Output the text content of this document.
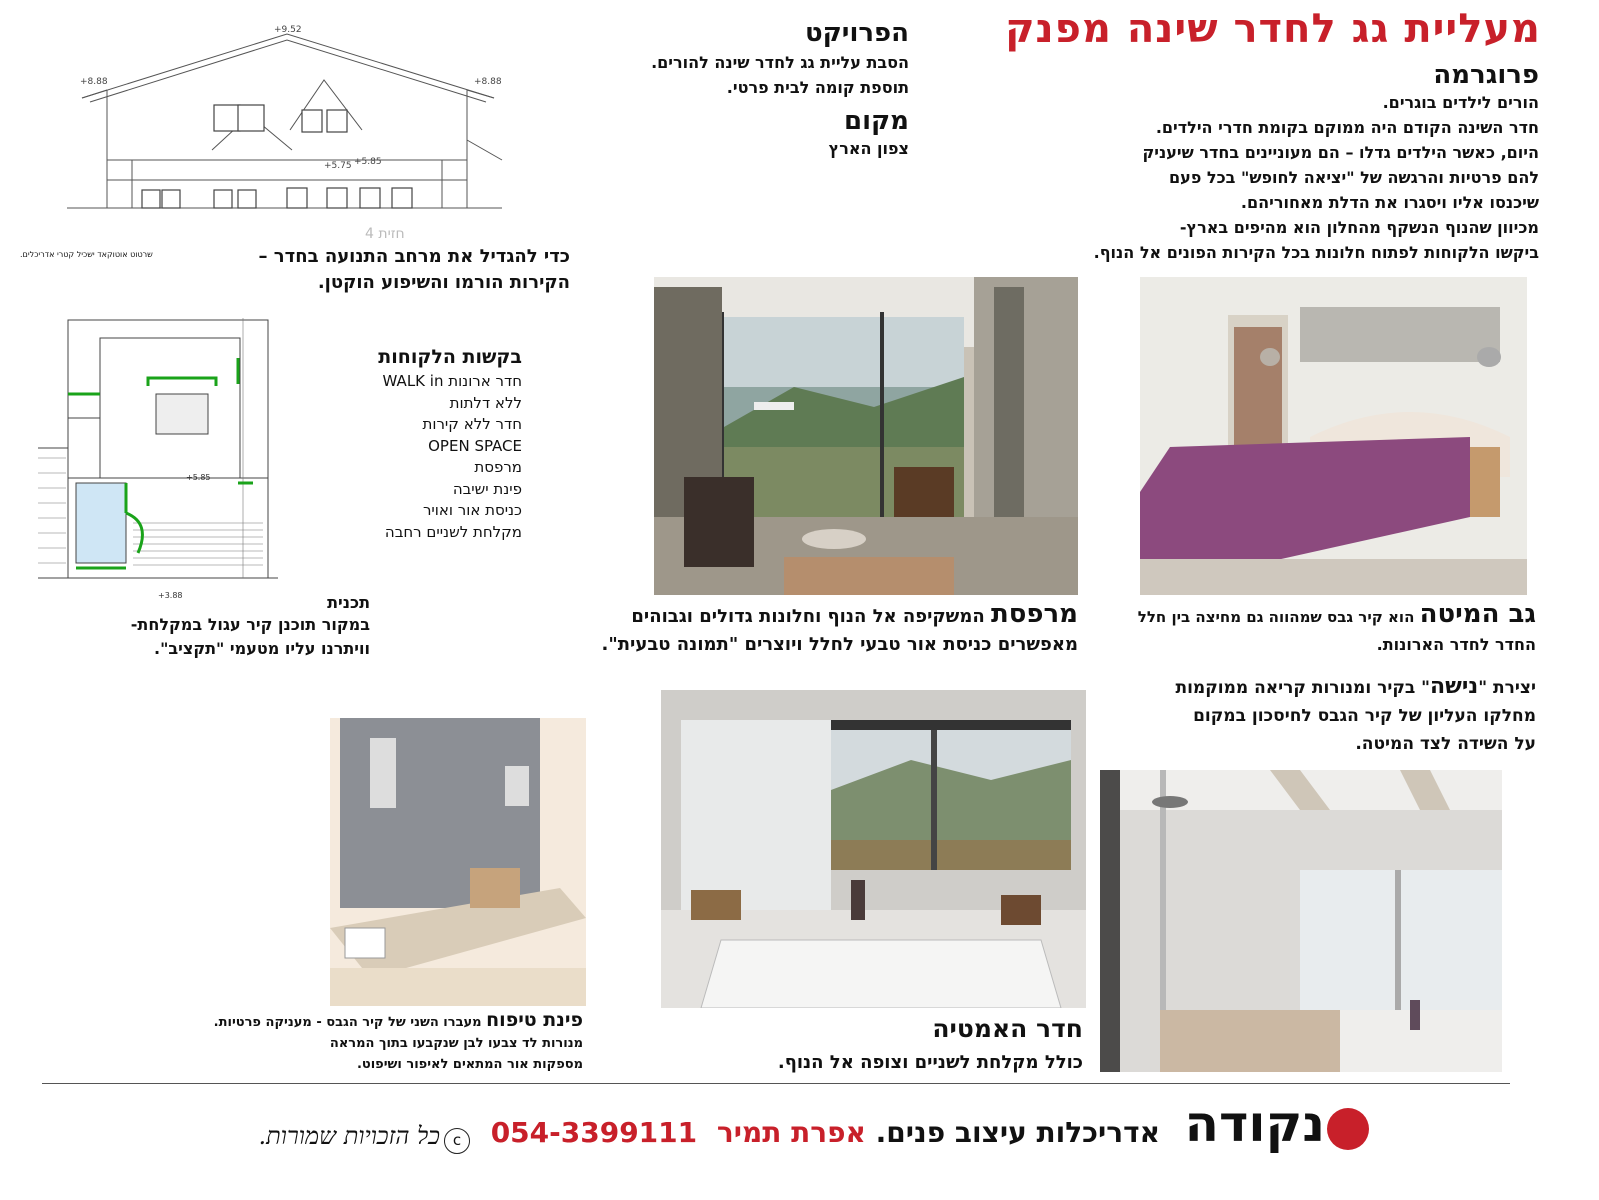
מעליית גג לחדר שינה מפנק
פרוגרמה
הורים לילדים בוגרים.
חדר השינה הקודם היה ממוקם בקומת חדרי הילדים.
היום, כאשר הילדים גדלו – הם מעוניינים בחדר שיעניק
להם פרטיות והרגשה של "יציאה לחופש" בכל פעם
שיכנסו אליו ויסגרו את הדלת מאחוריהם.
מכיוון שהנוף הנשקף מהחלון הוא מהיפים בארץ-
ביקשו הלקוחות לפתוח חלונות בכל הקירות הפונים אל הנוף.
הפרויקט
הסבת עליית גג לחדר שינה להורים.
תוספת קומה לבית פרטי.
מקום
צפון הארץ
+9.52
+8.88	+8.88
+5.75 +5.85
חזית 4
שרטוט אוטוקאד ישכיל קטרי אדריכלים.	כדי להגדיל את מרחב התנועה בחדר –
הקירות הורמו והשיפוע הוקטן.
+5.85
+3.88
בקשות הלקוחות
חדר ארונות WALK in
ללא דלתות
חדר ללא קירות
OPEN SPACE
מרפסת
פינת ישיבה
כניסת אור ואויר
מקלחת לשניים רחבה
תכנית
במקור תוכנן קיר עגול במקלחת-
וויתרנו עליו מטעמי "תקציב".
מרפסת המשקיפה אל הנוף וחלונות גדולים וגבוהים
מאפשרים כניסת אור טבעי לחלל ויוצרים "תמונה טבעית".
גב המיטה הוא קיר גבס שמהווה גם מחיצה בין חלל
החדר לחדר הארונות.
יצירת "נישה" בקיר ומנורות קריאה ממוקמות
מחלקו העליון של קיר הגבס לחיסכון במקום
על השידה לצד המיטה.
פינת טיפוח מעברו השני של קיר הגבס - מעניקה פרטיות.
מנורות לד צבעו לבן שנקבעו בתוך המראה
מספקות אור המתאים לאיפור ושיפוט.
חדר האמטיה
כולל מקלחת לשניים וצופה אל הנוף.
נקודה
אדריכלות עיצוב פנים. אפרת תמיר 054-3399111
c
כל הזכויות שמורות.
